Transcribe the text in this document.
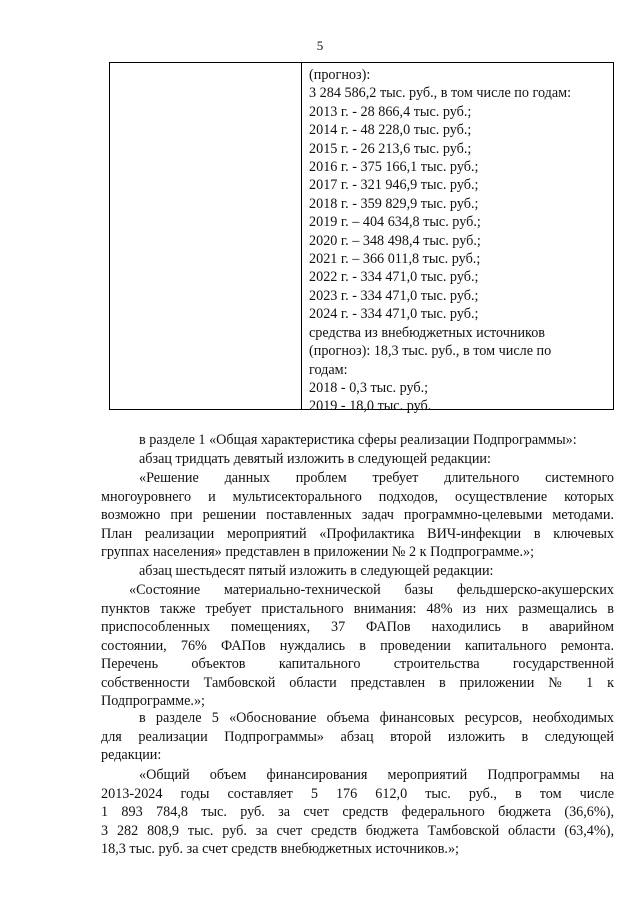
5
(прогноз):
3 284 586,2 тыс. руб., в том числе по годам:
2013 г. - 28 866,4 тыс. руб.;
2014 г. - 48 228,0 тыс. руб.;
2015 г. - 26 213,6 тыс. руб.;
2016 г. - 375 166,1 тыс. руб.;
2017 г. - 321 946,9 тыс. руб.;
2018 г. - 359 829,9 тыс. руб.;
2019 г. – 404 634,8 тыс. руб.;
2020 г. – 348 498,4 тыс. руб.;
2021 г. – 366 011,8 тыс. руб.;
2022 г. - 334 471,0 тыс. руб.;
2023 г. - 334 471,0 тыс. руб.;
2024 г. - 334 471,0 тыс. руб.;
средства из внебюджетных источников
(прогноз): 18,3 тыс. руб., в том числе по
годам:
2018 - 0,3 тыс. руб.;
2019 - 18,0 тыс. руб.
в разделе 1 «Общая характеристика сферы реализации Подпрограммы»:
абзац тридцать девятый изложить в следующей редакции:
«Решение данных проблем требует длительного системного
многоуровнего и мультисекторального подходов, осуществление которых
возможно при решении поставленных задач программно-целевыми методами.
План реализации мероприятий «Профилактика ВИЧ-инфекции в ключевых
группах населения» представлен в приложении № 2 к Подпрограмме.»;
абзац шестьдесят пятый изложить в следующей редакции:
«Состояние материально-технической базы фельдшерско-акушерских
пунктов также требует пристального внимания: 48% из них размещались в
приспособленных помещениях, 37 ФАПов находились в аварийном
состоянии, 76% ФАПов нуждались в проведении капитального ремонта.
Перечень объектов капитального строительства государственной
собственности Тамбовской области представлен в приложении № 1 к
Подпрограмме.»;
в разделе 5 «Обоснование объема финансовых ресурсов, необходимых
для реализации Подпрограммы» абзац второй изложить в следующей
редакции:
«Общий объем финансирования мероприятий Подпрограммы на
2013-2024 годы составляет 5 176 612,0 тыс. руб., в том числе
1 893 784,8 тыс. руб. за счет средств федерального бюджета (36,6%),
3 282 808,9 тыс. руб. за счет средств бюджета Тамбовской области (63,4%),
18,3 тыс. руб. за счет средств внебюджетных источников.»;
